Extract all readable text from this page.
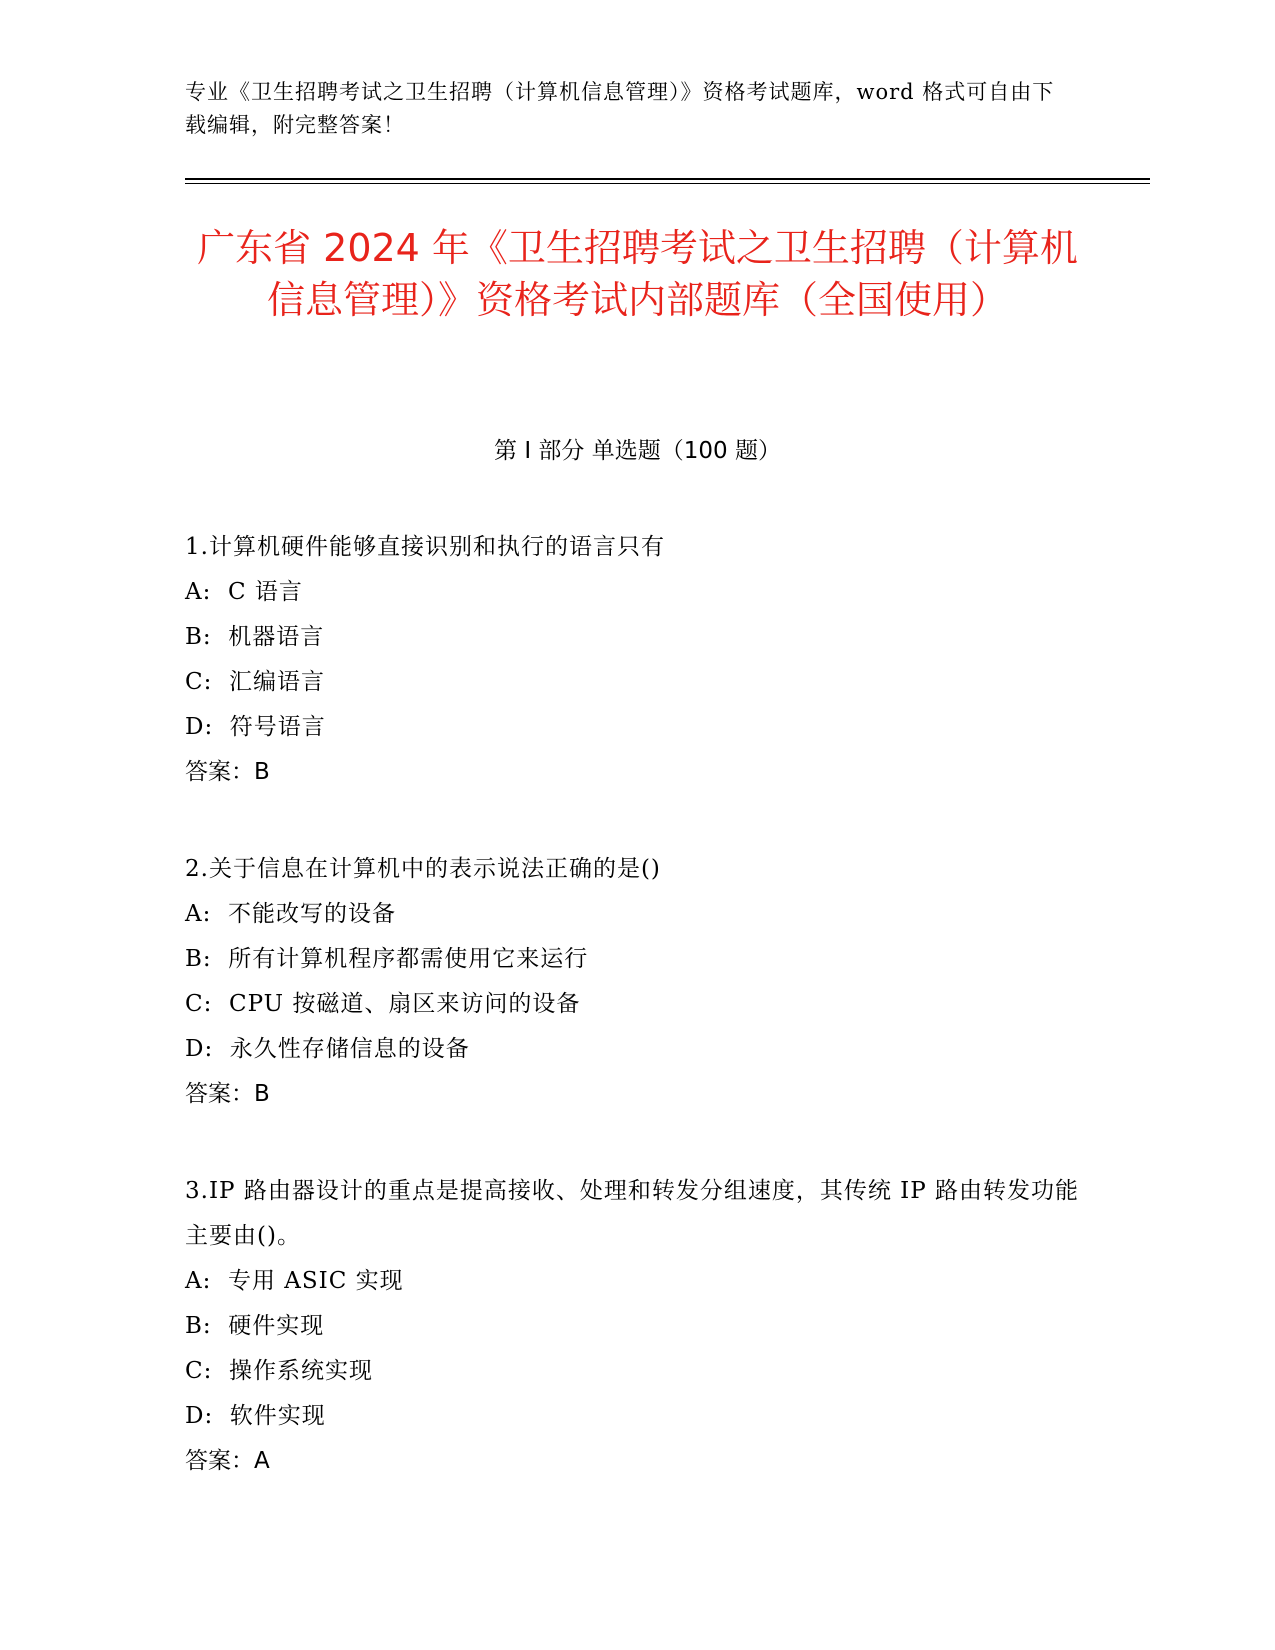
专业《卫生招聘考试之卫生招聘（计算机信息管理）》资格考试题库，word 格式可自由下载编辑，附完整答案！
广东省 2024 年《卫生招聘考试之卫生招聘（计算机信息管理）》资格考试内部题库（全国使用）
第 I 部分 单选题（100 题）
1.计算机硬件能够直接识别和执行的语言只有
A:  C 语言
B:  机器语言
C:  汇编语言
D:  符号语言
答案：B
2.关于信息在计算机中的表示说法正确的是()
A:  不能改写的设备
B:  所有计算机程序都需使用它来运行
C:  CPU 按磁道、扇区来访问的设备
D:  永久性存储信息的设备
答案：B
3.IP 路由器设计的重点是提高接收、处理和转发分组速度，其传统 IP 路由转发功能主要由()。
A:  专用 ASIC 实现
B:  硬件实现
C:  操作系统实现
D:  软件实现
答案：A
